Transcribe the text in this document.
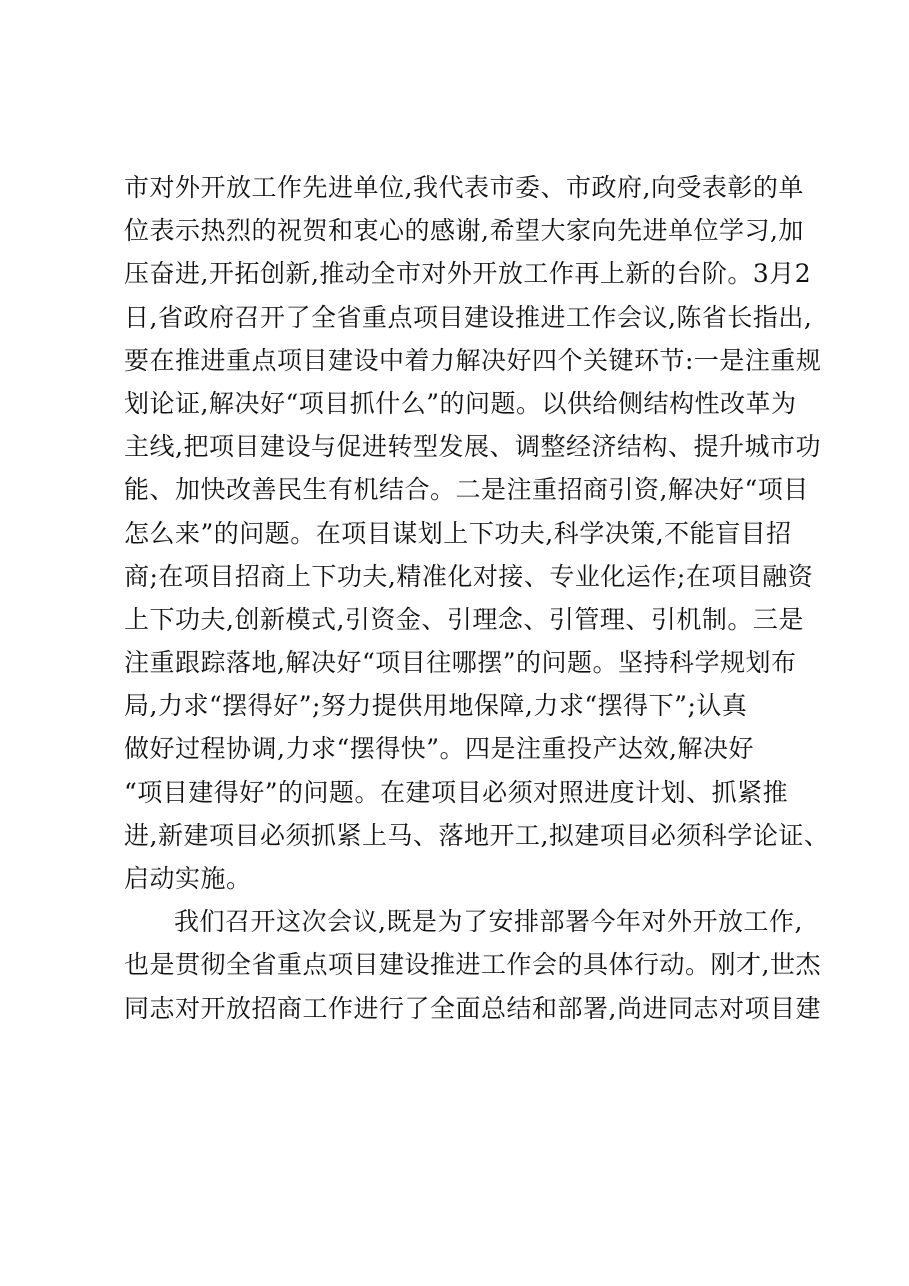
市对外开放工作先进单位,我代表市委、市政府,向受表彰的单
位表示热烈的祝贺和衷心的感谢,希望大家向先进单位学习,加
压奋进,开拓创新,推动全市对外开放工作再上新的台阶。3月2
日,省政府召开了全省重点项目建设推进工作会议,陈省长指出,
要在推进重点项目建设中着力解决好四个关键环节:一是注重规
划论证,解决好“项目抓什么”的问题。以供给侧结构性改革为
主线,把项目建设与促进转型发展、调整经济结构、提升城市功
能、加快改善民生有机结合。二是注重招商引资,解决好“项目
怎么来”的问题。在项目谋划上下功夫,科学决策,不能盲目招
商;在项目招商上下功夫,精准化对接、专业化运作;在项目融资
上下功夫,创新模式,引资金、引理念、引管理、引机制。三是
注重跟踪落地,解决好“项目往哪摆”的问题。坚持科学规划布
局,力求“摆得好”;努力提供用地保障,力求“摆得下”;认真
做好过程协调,力求“摆得快”。四是注重投产达效,解决好
“项目建得好”的问题。在建项目必须对照进度计划、抓紧推
进,新建项目必须抓紧上马、落地开工,拟建项目必须科学论证、
启动实施。
我们召开这次会议,既是为了安排部署今年对外开放工作,
也是贯彻全省重点项目建设推进工作会的具体行动。刚才,世杰
同志对开放招商工作进行了全面总结和部署,尚进同志对项目建
